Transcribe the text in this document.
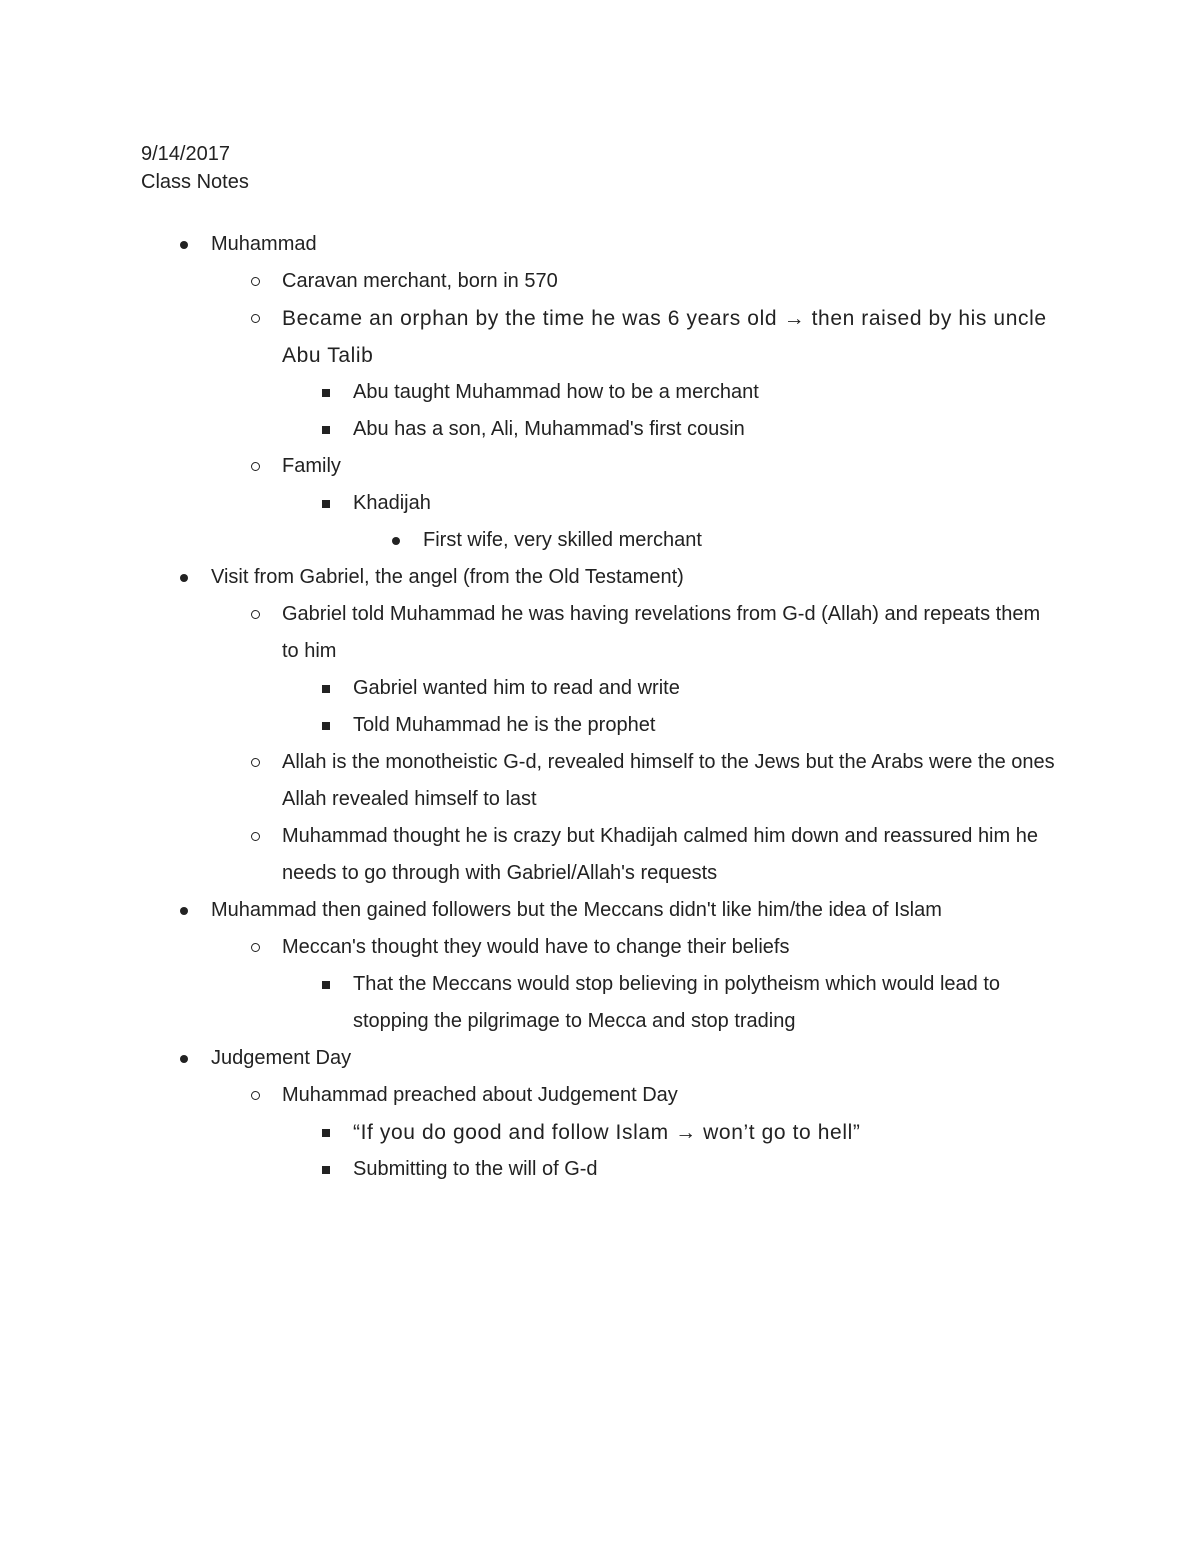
9/14/2017
Class Notes
Muhammad
Caravan merchant, born in 570
Became an orphan by the time he was 6 years old → then raised by his uncle Abu Talib
Abu taught Muhammad how to be a merchant
Abu has a son, Ali, Muhammad's first cousin
Family
Khadijah
First wife, very skilled merchant
Visit from Gabriel, the angel (from the Old Testament)
Gabriel told Muhammad he was having revelations from G-d (Allah) and repeats them to him
Gabriel wanted him to read and write
Told Muhammad he is the prophet
Allah is the monotheistic G-d, revealed himself to the Jews but the Arabs were the ones Allah revealed himself to last
Muhammad thought he is crazy but Khadijah calmed him down and reassured him he needs to go through with Gabriel/Allah's requests
Muhammad then gained followers but the Meccans didn't like him/the idea of Islam
Meccan's thought they would have to change their beliefs
That the Meccans would stop believing in polytheism which would lead to stopping the pilgrimage to Mecca and stop trading
Judgement Day
Muhammad preached about Judgement Day
“If you do good and follow Islam → won’t go to hell”
Submitting to the will of G-d
